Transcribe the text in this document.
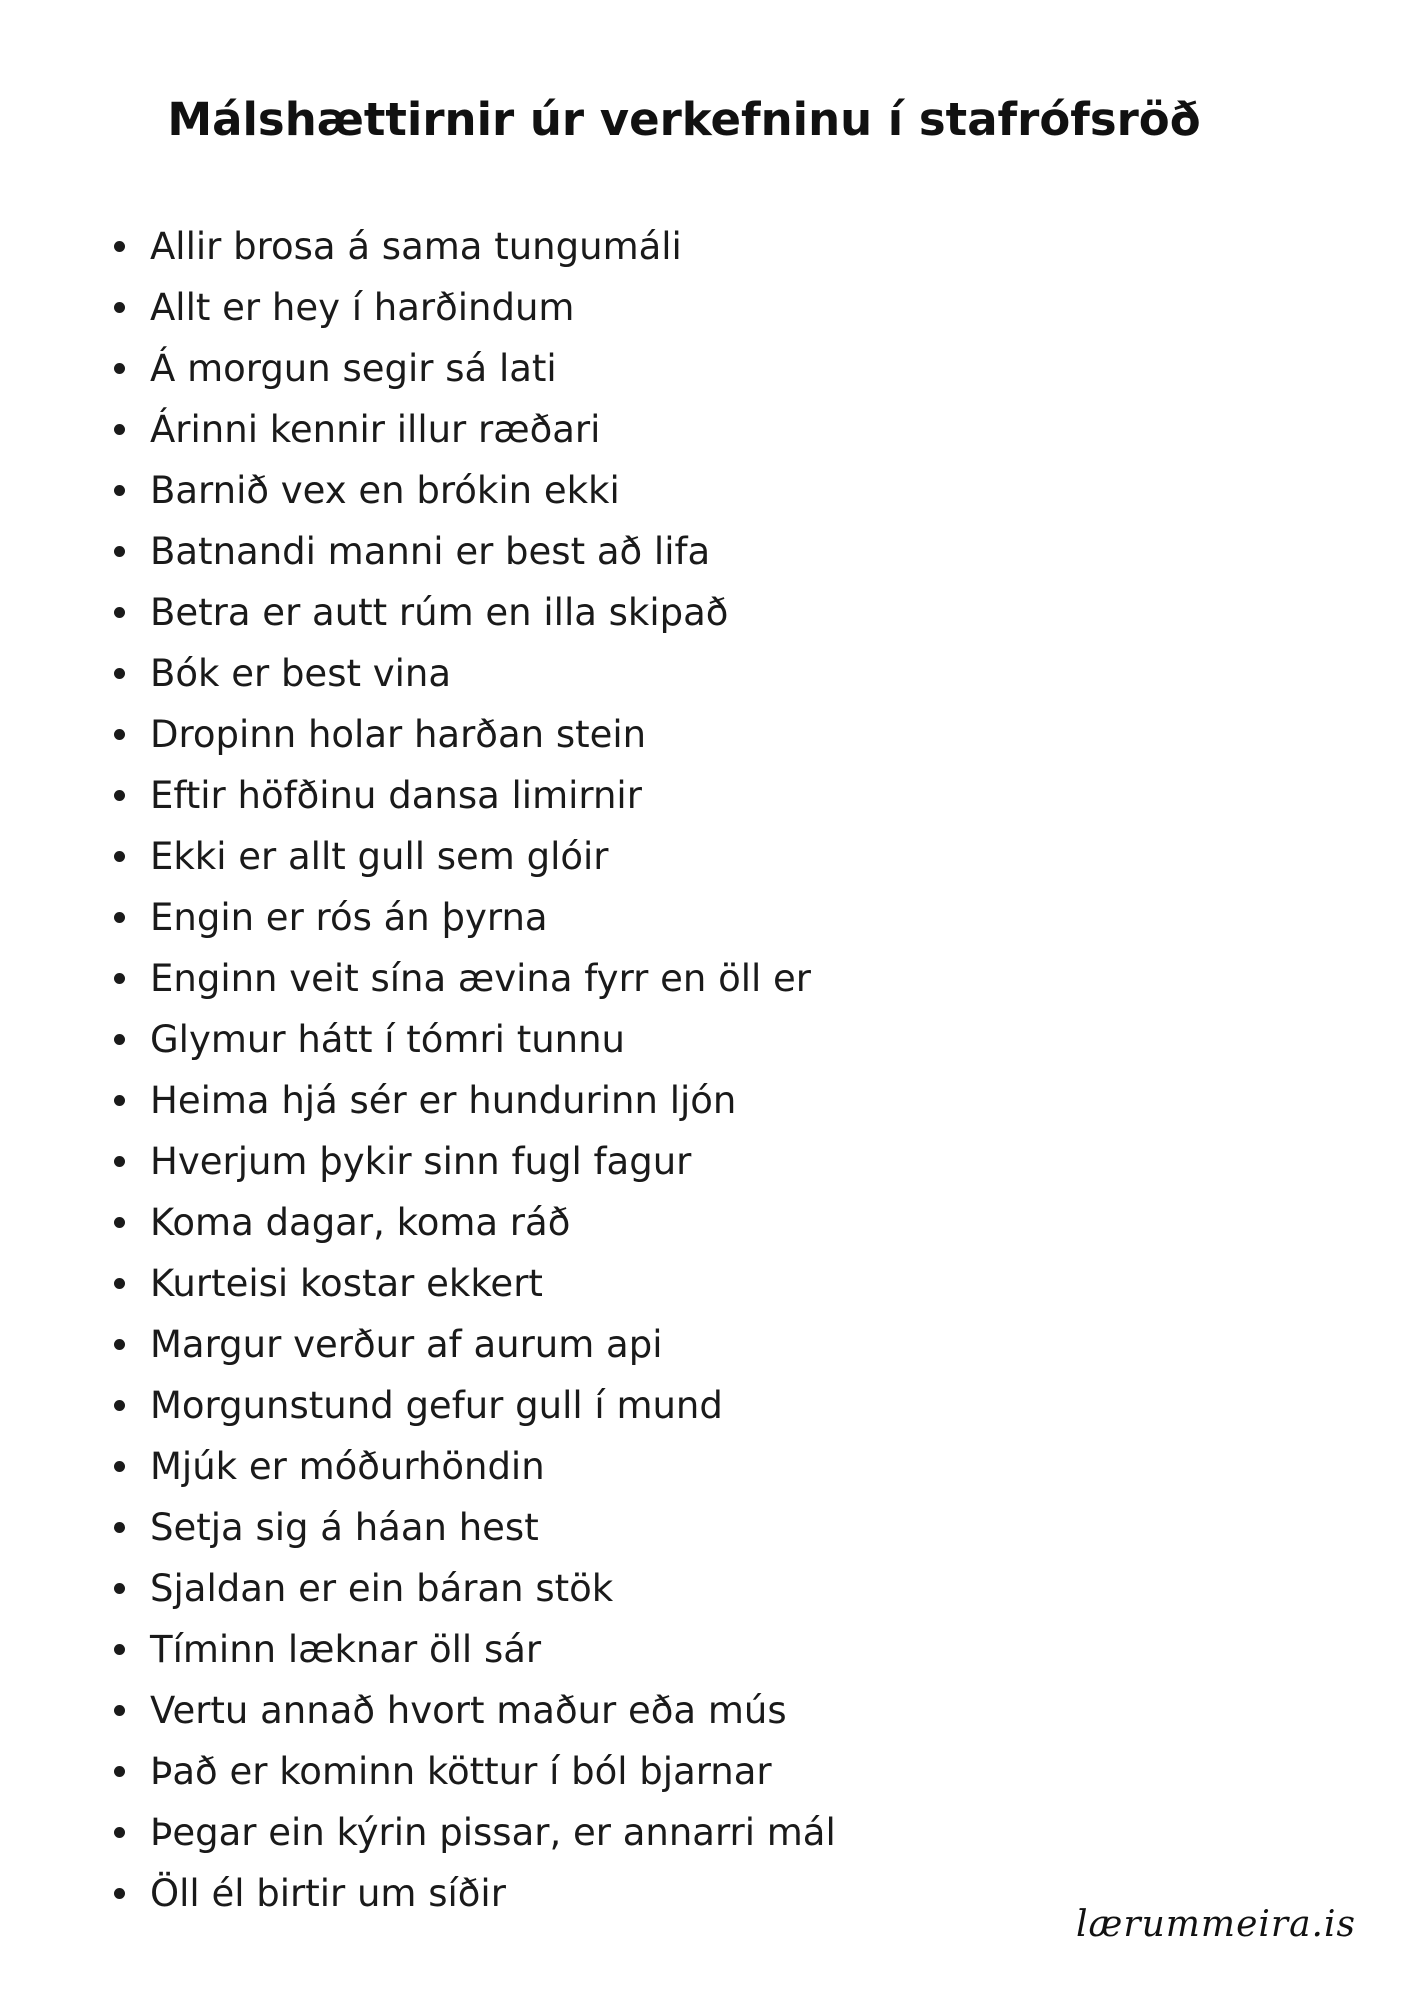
Málshættirnir úr verkefninu í stafrófsröð
Allir brosa á sama tungumáli
Allt er hey í harðindum
Á morgun segir sá lati
Árinni kennir illur ræðari
Barnið vex en brókin ekki
Batnandi manni er best að lifa
Betra er autt rúm en illa skipað
Bók er best vina
Dropinn holar harðan stein
Eftir höfðinu dansa limirnir
Ekki er allt gull sem glóir
Engin er rós án þyrna
Enginn veit sína ævina fyrr en öll er
Glymur hátt í tómri tunnu
Heima hjá sér er hundurinn ljón
Hverjum þykir sinn fugl fagur
Koma dagar, koma ráð
Kurteisi kostar ekkert
Margur verður af aurum api
Morgunstund gefur gull í mund
Mjúk er móðurhöndin
Setja sig á háan hest
Sjaldan er ein báran stök
Tíminn læknar öll sár
Vertu annað hvort maður eða mús
Það er kominn köttur í ból bjarnar
Þegar ein kýrin pissar, er annarri mál
Öll él birtir um síðir
lærummeira.is
